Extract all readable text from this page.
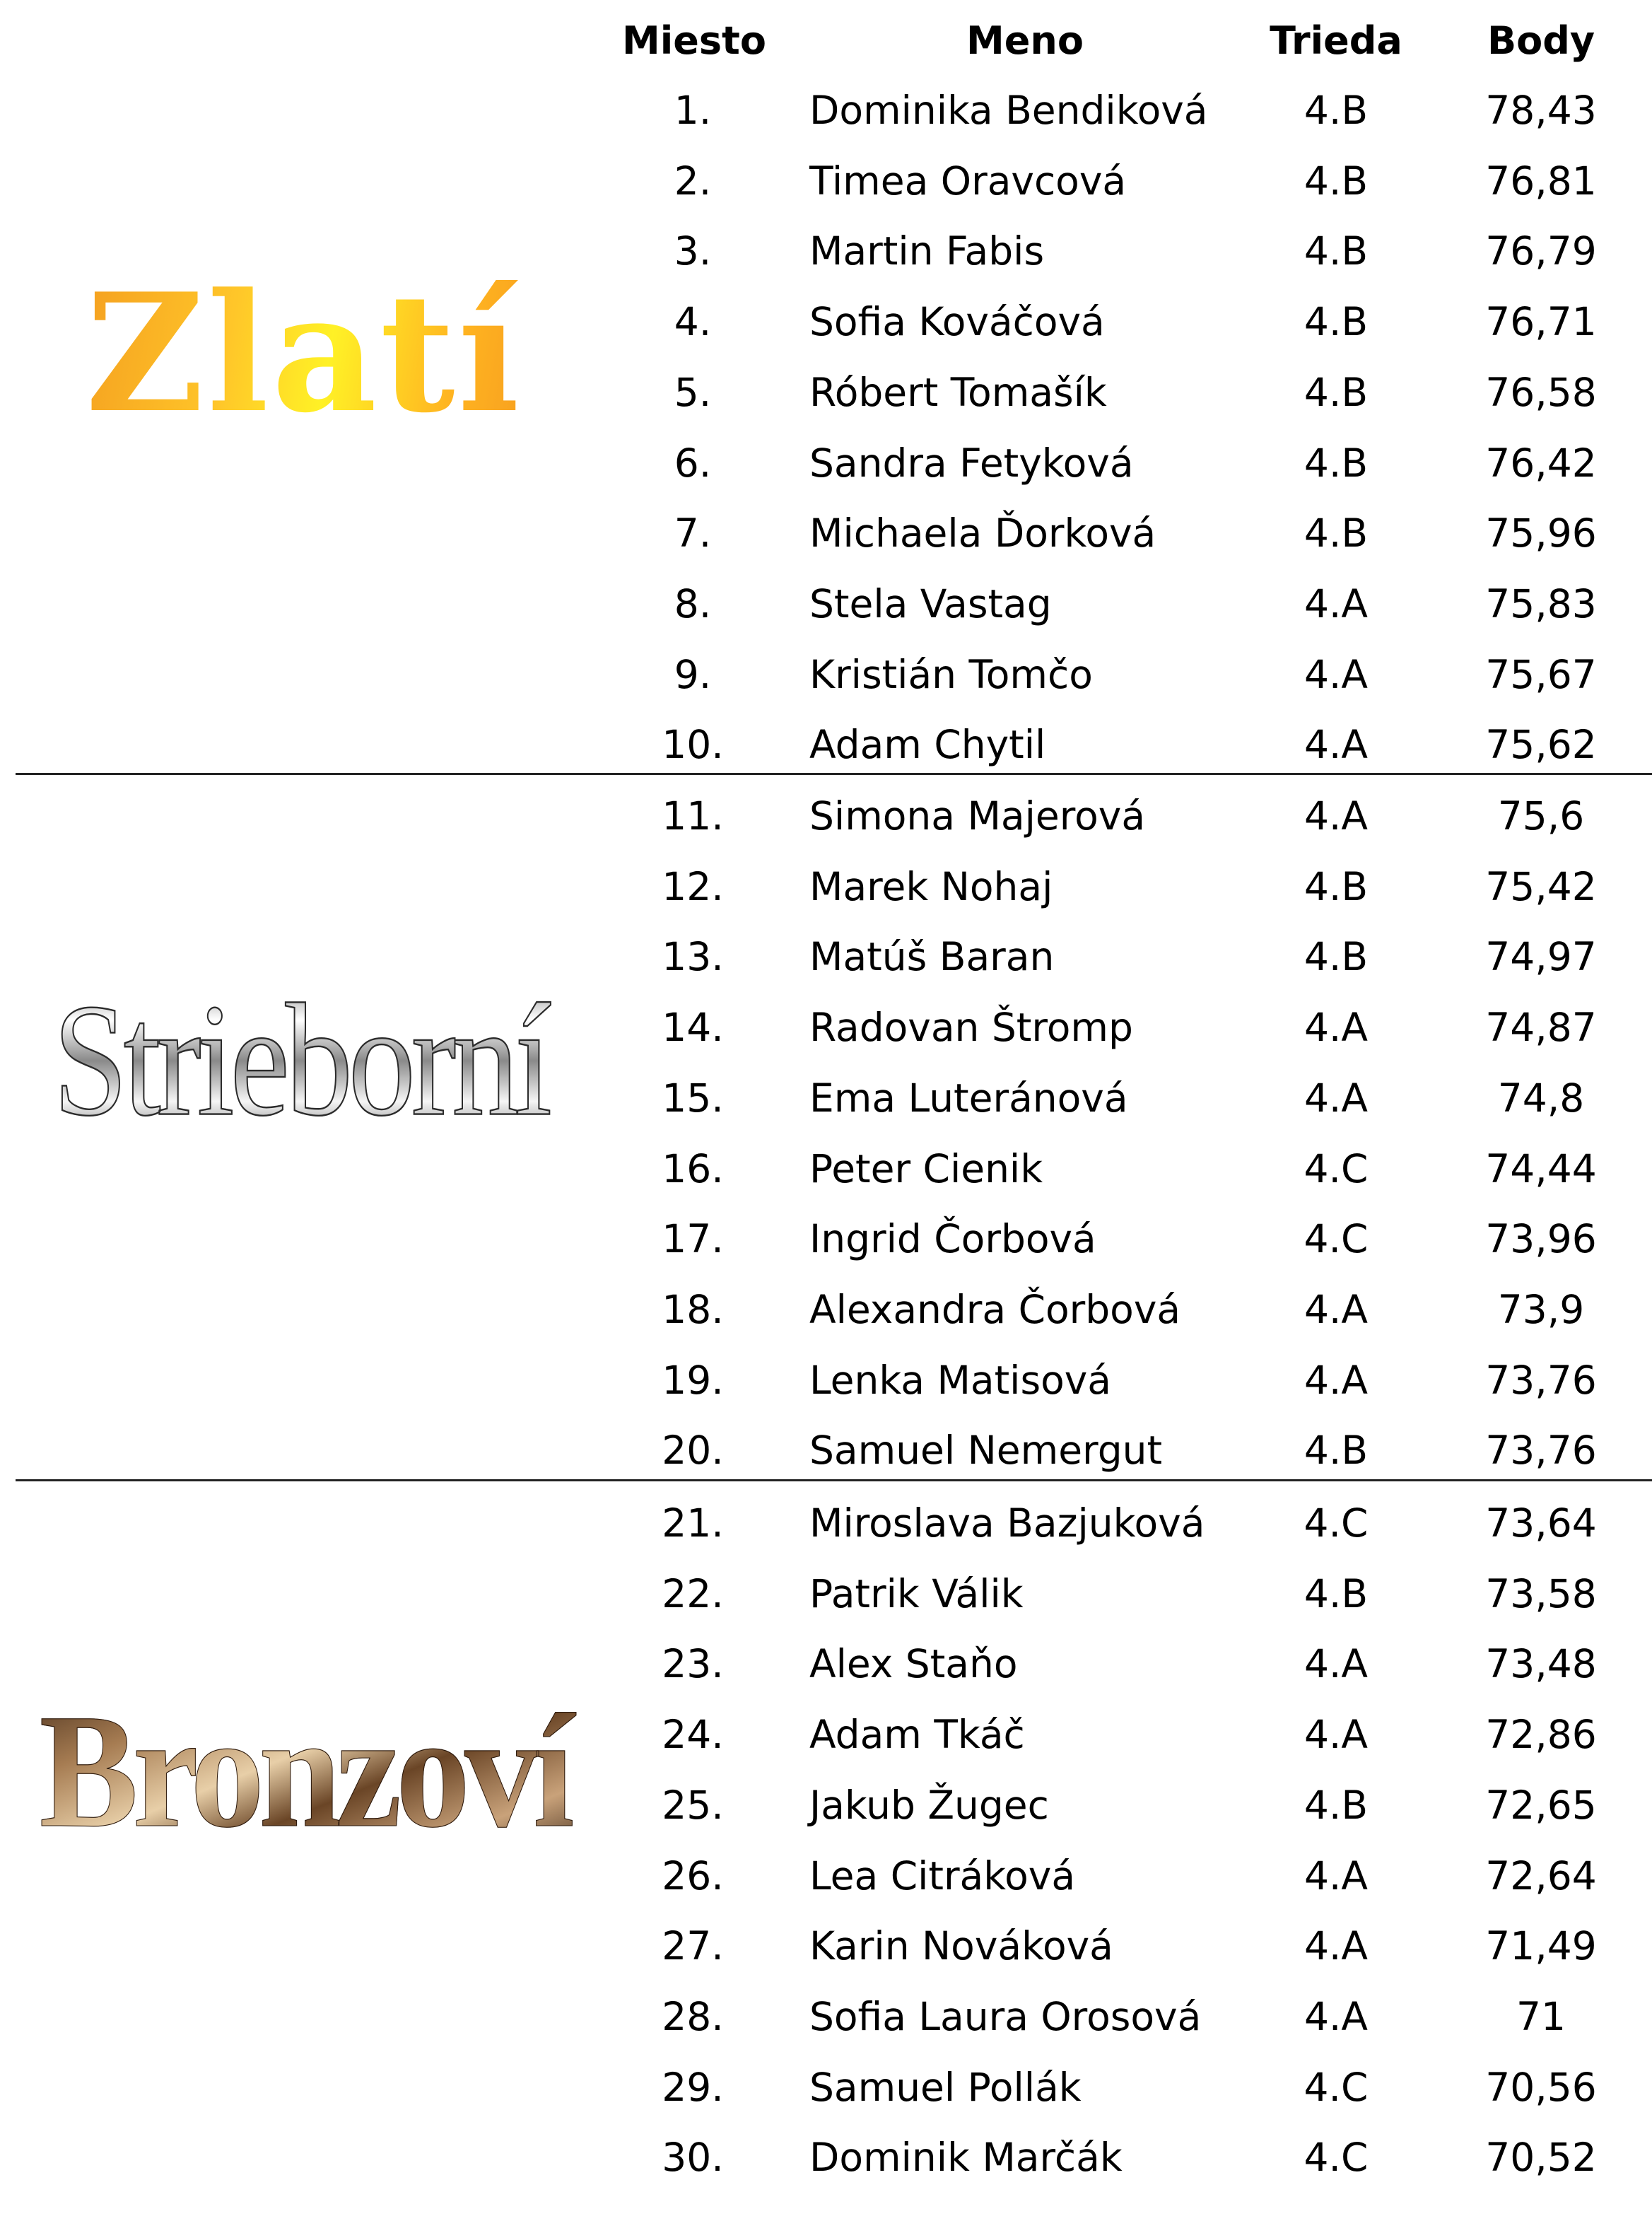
Miesto	Meno	Trieda	Body
Zlatí
Strieborní
Bronzoví
1.	Dominika Bendiková	4.B	78,43
2.	Timea Oravcová	4.B	76,81
3.	Martin Fabis	4.B	76,79
4.	Sofia Kováčová	4.B	76,71
5.	Róbert Tomašík	4.B	76,58
6.	Sandra Fetyková	4.B	76,42
7.	Michaela Ďorková	4.B	75,96
8.	Stela Vastag	4.A	75,83
9.	Kristián Tomčo	4.A	75,67
10.	Adam Chytil	4.A	75,62
11.	Simona Majerová	4.A	75,6
12.	Marek Nohaj	4.B	75,42
13.	Matúš Baran	4.B	74,97
14.	Radovan Štromp	4.A	74,87
15.	Ema Luteránová	4.A	74,8
16.	Peter Cienik	4.C	74,44
17.	Ingrid Čorbová	4.C	73,96
18.	Alexandra Čorbová	4.A	73,9
19.	Lenka Matisová	4.A	73,76
20.	Samuel Nemergut	4.B	73,76
21.	Miroslava Bazjuková	4.C	73,64
22.	Patrik Válik	4.B	73,58
23.	Alex Staňo	4.A	73,48
24.	Adam Tkáč	4.A	72,86
25.	Jakub Žugec	4.B	72,65
26.	Lea Citráková	4.A	72,64
27.	Karin Nováková	4.A	71,49
28.	Sofia Laura Orosová	4.A	71
29.	Samuel Pollák	4.C	70,56
30.	Dominik Marčák	4.C	70,52
